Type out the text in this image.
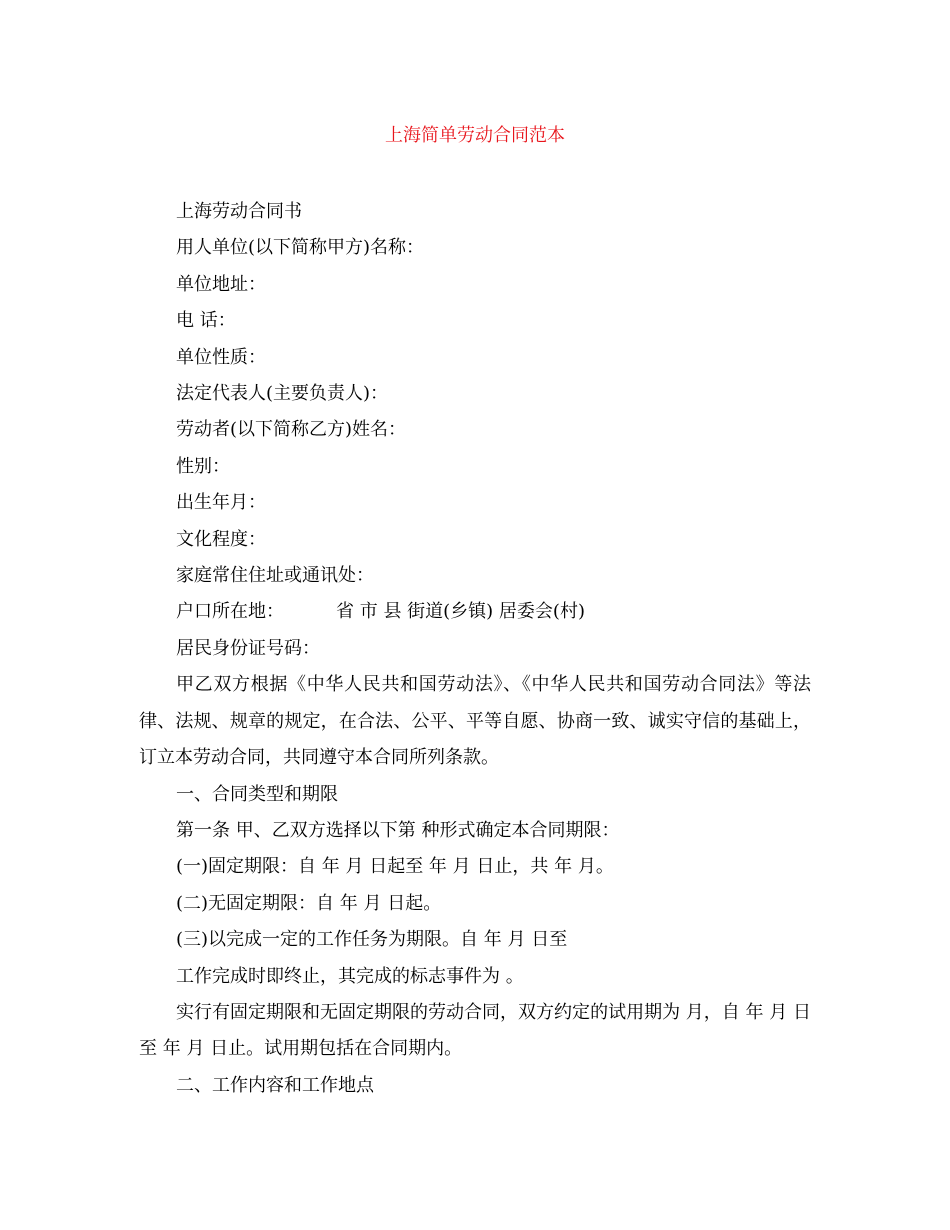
上海简单劳动合同范本

上海劳动合同书

用人单位(以下简称甲方)名称：

单位地址：

电 话：

单位性质：

法定代表人(主要负责人)：

劳动者(以下简称乙方)姓名：

性别：

出生年月：

文化程度：

家庭常住住址或通讯处：

户口所在地：	省 市 县 街道(乡镇) 居委会(村)

居民身份证号码：

甲乙双方根据《中华人民共和国劳动法》、《中华人民共和国劳动合同法》等法律、法规、规章的规定，在合法、公平、平等自愿、协商一致、诚实守信的基础上，订立本劳动合同，共同遵守本合同所列条款。

一、合同类型和期限

第一条 甲、乙双方选择以下第 种形式确定本合同期限：

(一)固定期限：自 年 月 日起至 年 月 日止，共 年 月。

(二)无固定期限：自 年 月 日起。

(三)以完成一定的工作任务为期限。自 年 月 日至

工作完成时即终止，其完成的标志事件为 。

实行有固定期限和无固定期限的劳动合同，双方约定的试用期为 月，自 年 月 日至 年 月 日止。试用期包括在合同期内。

二、工作内容和工作地点
